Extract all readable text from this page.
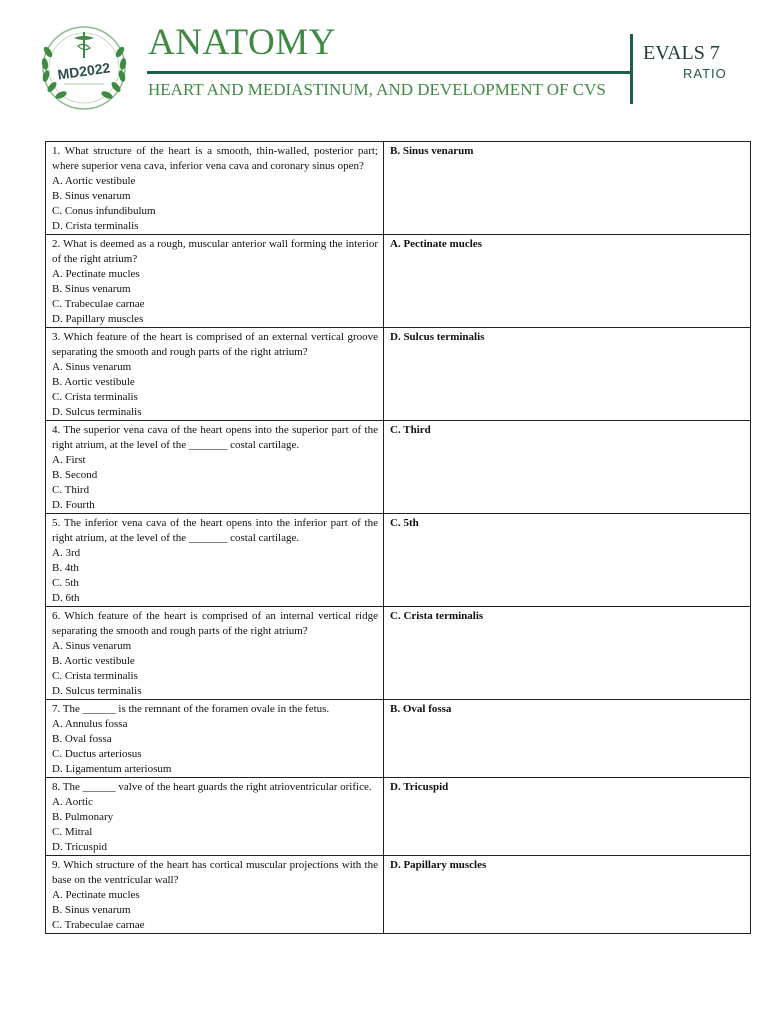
MD2022
ANATOMY
HEART AND MEDIASTINUM, AND DEVELOPMENT OF CVS
EVALS 7
RATIO
1. What structure of the heart is a smooth, thin-walled, posterior part; where superior vena cava, inferior vena cava and coronary sinus open?
A. Aortic vestibule
B. Sinus venarum
C. Conus infundibulum
D. Crista terminalis	B. Sinus venarum

2. What is deemed as a rough, muscular anterior wall forming the interior of the right atrium?
A. Pectinate mucles
B. Sinus venarum
C. Trabeculae carnae
D. Papillary muscles	A. Pectinate mucles

3. Which feature of the heart is comprised of an external vertical groove separating the smooth and rough parts of the right atrium?
A. Sinus venarum
B. Aortic vestibule
C. Crista terminalis
D. Sulcus terminalis	D. Sulcus terminalis

4. The superior vena cava of the heart opens into the superior part of the right atrium, at the level of the _______ costal cartilage.
A. First
B. Second
C. Third
D. Fourth	C. Third

5. The inferior vena cava of the heart opens into the inferior part of the right atrium, at the level of the _______ costal cartilage.
A. 3rd
B. 4th
C. 5th
D. 6th	C. 5th

6. Which feature of the heart is comprised of an internal vertical ridge separating the smooth and rough parts of the right atrium?
A. Sinus venarum
B. Aortic vestibule
C. Crista terminalis
D. Sulcus terminalis	C. Crista terminalis

7. The ______ is the remnant of the foramen ovale in the fetus.
A. Annulus fossa
B. Oval fossa
C. Ductus arteriosus
D. Ligamentum arteriosum	B. Oval fossa

8. The ______ valve of the heart guards the right atrioventricular orifice.
A. Aortic
B. Pulmonary
C. Mitral
D. Tricuspid	D. Tricuspid

9. Which structure of the heart has cortical muscular projections with the base on the ventricular wall?
A. Pectinate mucles
B. Sinus venarum
C. Trabeculae carnae	D. Papillary muscles
